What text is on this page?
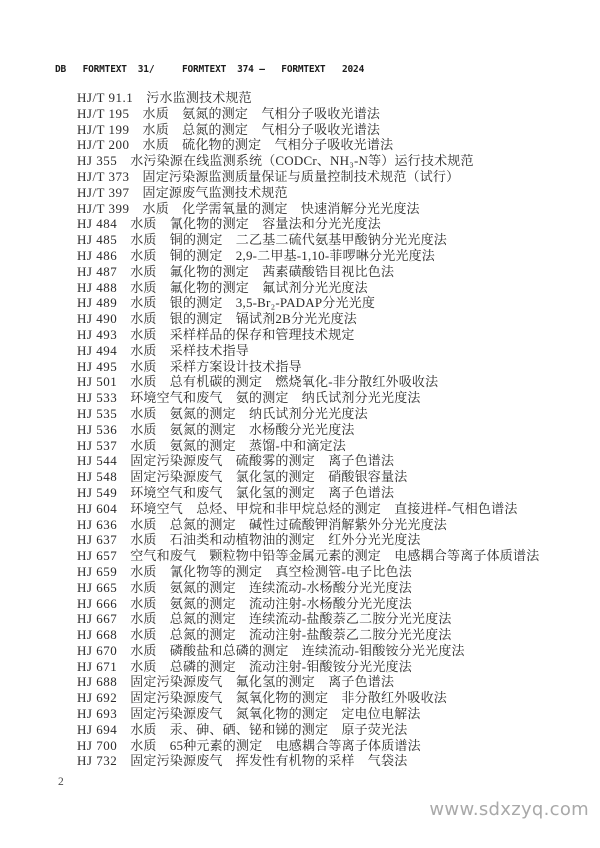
DB   FORMTEXT  31/     FORMTEXT  374 —   FORMTEXT   2024
HJ/T 91.1 污水监测技术规范
HJ/T 195 水质　氨氮的测定　气相分子吸收光谱法
HJ/T 199 水质　总氮的测定　气相分子吸收光谱法
HJ/T 200 水质　硫化物的测定　气相分子吸收光谱法
HJ 355 水污染源在线监测系统（CODCr、NH₃-N等）运行技术规范
HJ/T 373 固定污染源监测质量保证与质量控制技术规范（试行）
HJ/T 397 固定源废气监测技术规范
HJ/T 399 水质　化学需氧量的测定　快速消解分光光度法
HJ 484 水质　氰化物的测定　容量法和分光光度法
HJ 485 水质　铜的测定　二乙基二硫代氨基甲酸钠分光光度法
HJ 486 水质　铜的测定　2,9-二甲基-1,10-菲啰啉分光光度法
HJ 487 水质　氟化物的测定　茜素磺酸锆目视比色法
HJ 488 水质　氟化物的测定　氟试剂分光光度法
HJ 489 水质　银的测定　3,5-Br₂-PADAP分光光度
HJ 490 水质　银的测定　镉试剂2B分光光度法
HJ 493 水质　采样样品的保存和管理技术规定
HJ 494 水质　采样技术指导
HJ 495 水质　采样方案设计技术指导
HJ 501 水质　总有机碳的测定　燃烧氧化-非分散红外吸收法
HJ 533 环境空气和废气　氨的测定　纳氏试剂分光光度法
HJ 535 水质　氨氮的测定　纳氏试剂分光光度法
HJ 536 水质　氨氮的测定　水杨酸分光光度法
HJ 537 水质　氨氮的测定　蒸馏-中和滴定法
HJ 544 固定污染源废气　硫酸雾的测定　离子色谱法
HJ 548 固定污染源废气　氯化氢的测定　硝酸银容量法
HJ 549 环境空气和废气　氯化氢的测定　离子色谱法
HJ 604 环境空气　总烃、甲烷和非甲烷总烃的测定　直接进样-气相色谱法
HJ 636 水质　总氮的测定　碱性过硫酸钾消解紫外分光光度法
HJ 637 水质　石油类和动植物油的测定　红外分光光度法
HJ 657 空气和废气　颗粒物中铅等金属元素的测定　电感耦合等离子体质谱法
HJ 659 水质　氰化物等的测定　真空检测管-电子比色法
HJ 665 水质　氨氮的测定　连续流动-水杨酸分光光度法
HJ 666 水质　氨氮的测定　流动注射-水杨酸分光光度法
HJ 667 水质　总氮的测定　连续流动-盐酸萘乙二胺分光光度法
HJ 668 水质　总氮的测定　流动注射-盐酸萘乙二胺分光光度法
HJ 670 水质　磷酸盐和总磷的测定　连续流动-钼酸铵分光光度法
HJ 671 水质　总磷的测定　流动注射-钼酸铵分光光度法
HJ 688 固定污染源废气　氟化氢的测定　离子色谱法
HJ 692 固定污染源废气　氮氧化物的测定　非分散红外吸收法
HJ 693 固定污染源废气　氮氧化物的测定　定电位电解法
HJ 694 水质　汞、砷、硒、铋和锑的测定　原子荧光法
HJ 700 水质　65种元素的测定　电感耦合等离子体质谱法
HJ 732 固定污染源废气　挥发性有机物的采样　气袋法
2
www.sdxzyq.com
